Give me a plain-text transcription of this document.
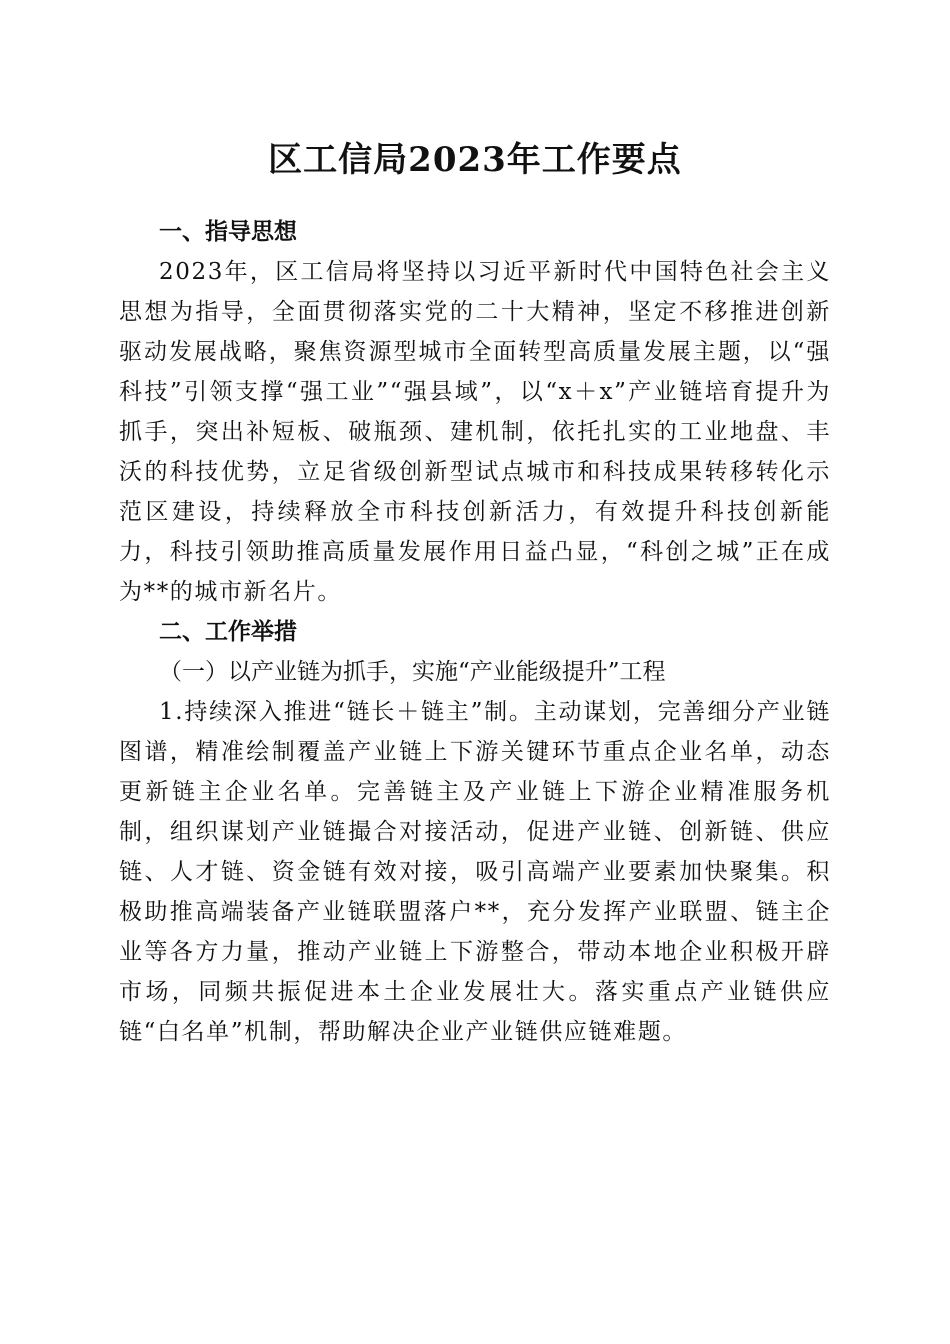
区工信局2023年工作要点

一、指导思想

2023年，区工信局将坚持以习近平新时代中国特色社会主义思想为指导，全面贯彻落实党的二十大精神，坚定不移推进创新驱动发展战略，聚焦资源型城市全面转型高质量发展主题，以“强科技”引领支撑“强工业”“强县域”，以“x＋x”产业链培育提升为抓手，突出补短板、破瓶颈、建机制，依托扎实的工业地盘、丰沃的科技优势，立足省级创新型试点城市和科技成果转移转化示范区建设，持续释放全市科技创新活力，有效提升科技创新能力，科技引领助推高质量发展作用日益凸显，“科创之城”正在成为**的城市新名片。

二、工作举措

（一）以产业链为抓手，实施“产业能级提升”工程

1.持续深入推进“链长＋链主”制。主动谋划，完善细分产业链图谱，精准绘制覆盖产业链上下游关键环节重点企业名单，动态更新链主企业名单。完善链主及产业链上下游企业精准服务机制，组织谋划产业链撮合对接活动，促进产业链、创新链、供应链、人才链、资金链有效对接，吸引高端产业要素加快聚集。积极助推高端装备产业链联盟落户**，充分发挥产业联盟、链主企业等各方力量，推动产业链上下游整合，带动本地企业积极开辟市场，同频共振促进本土企业发展壮大。落实重点产业链供应链“白名单”机制，帮助解决企业产业链供应链难题。
